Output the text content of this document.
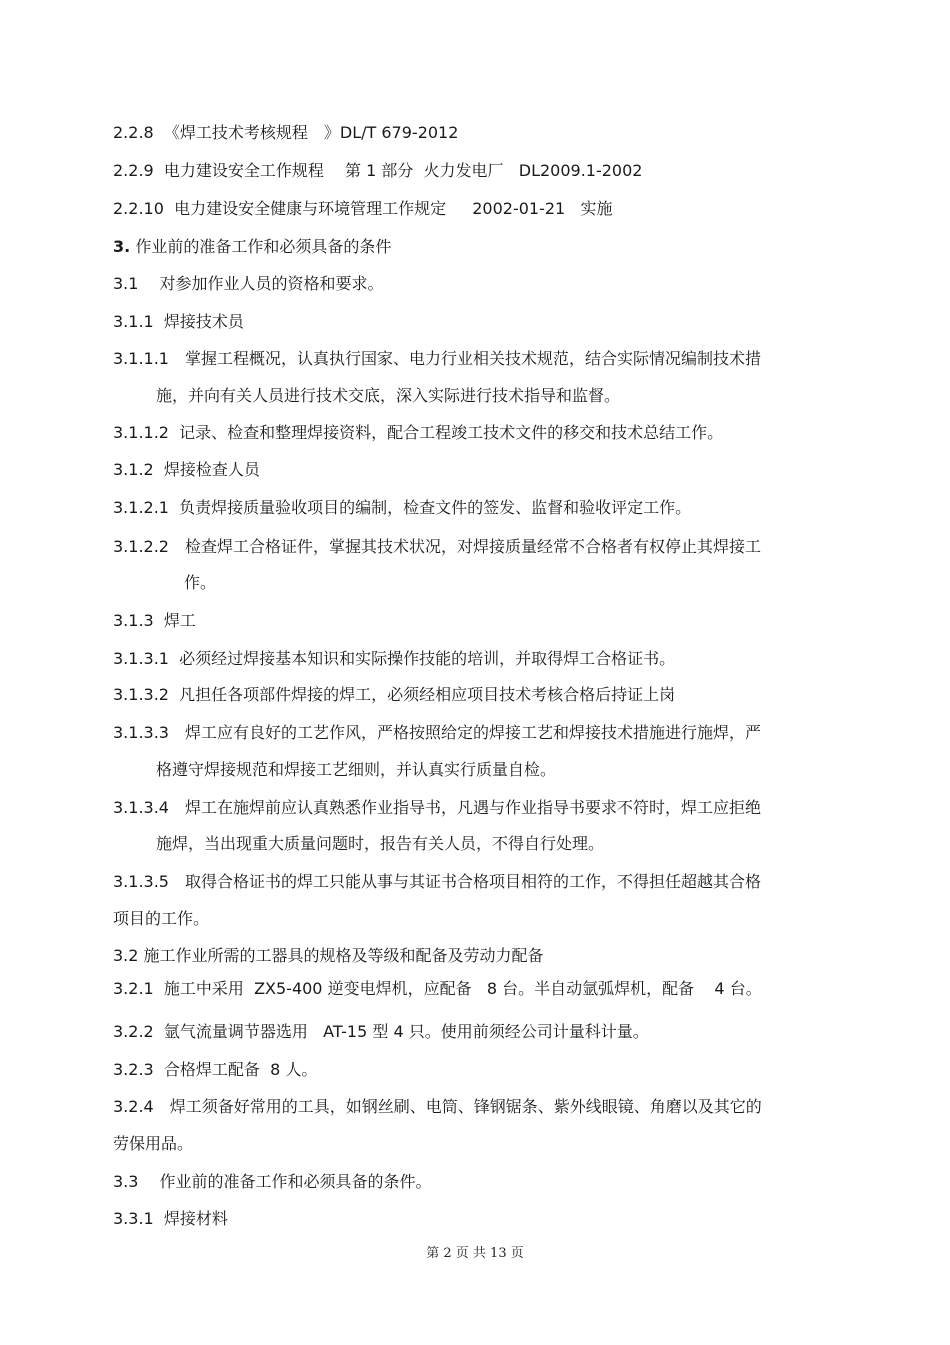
2.2.8 《焊工技术考核规程　》DL/T 679-2012
2.2.9 电力建设安全工作规程　 第 1 部分  火力发电厂   DL2009.1-2002
2.2.10 电力建设安全健康与环境管理工作规定　  2002-01-21   实施
3. 作业前的准备工作和必须具备的条件
3.1 　对参加作业人员的资格和要求。
3.1.1 焊接技术员
3.1.1.1　掌握工程概况，认真执行国家、电力行业相关技术规范，结合实际情况编制技术措
施，并向有关人员进行技术交底，深入实际进行技术指导和监督。
3.1.1.2 记录、检查和整理焊接资料，配合工程竣工技术文件的移交和技术总结工作。
3.1.2 焊接检查人员
3.1.2.1 负责焊接质量验收项目的编制，检查文件的签发、监督和验收评定工作。
3.1.2.2　检查焊工合格证件，掌握其技术状况，对焊接质量经常不合格者有权停止其焊接工
作。
3.1.3 焊工
3.1.3.1 必须经过焊接基本知识和实际操作技能的培训，并取得焊工合格证书。
3.1.3.2 凡担任各项部件焊接的焊工，必须经相应项目技术考核合格后持证上岗
3.1.3.3　焊工应有良好的工艺作风，严格按照给定的焊接工艺和焊接技术措施进行施焊，严
格遵守焊接规范和焊接工艺细则，并认真实行质量自检。
3.1.3.4　焊工在施焊前应认真熟悉作业指导书，凡遇与作业指导书要求不符时，焊工应拒绝
施焊，当出现重大质量问题时，报告有关人员，不得自行处理。
3.1.3.5　取得合格证书的焊工只能从事与其证书合格项目相符的工作，不得担任超越其合格
项目的工作。
3.2 施工作业所需的工器具的规格及等级和配备及劳动力配备
3.2.1 施工中采用  ZX5-400 逆变电焊机，应配备   8 台。半自动氩弧焊机，配备    4 台。
3.2.2 氩气流量调节器选用   AT-15 型 4 只。使用前须经公司计量科计量。
3.2.3 合格焊工配备  8 人。
3.2.4　焊工须备好常用的工具，如钢丝刷、电筒、锋钢锯条、紫外线眼镜、角磨以及其它的
劳保用品。
3.3 　作业前的准备工作和必须具备的条件。
3.3.1 焊接材料
第 2 页 共 13 页
